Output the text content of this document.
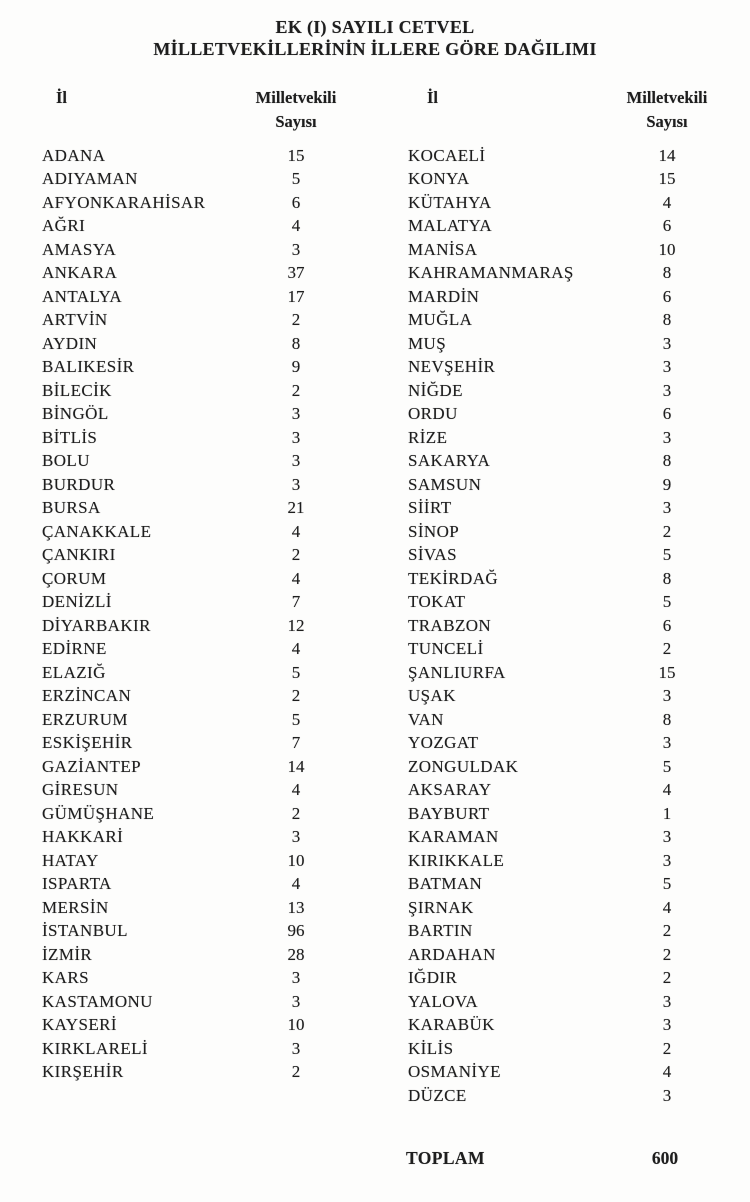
EK (I) SAYILI CETVEL
MİLLETVEKİLLERİNİN İLLERE GÖRE DAĞILIMI
İl	Milletvekili
Sayısı
İl	Milletvekili
Sayısı
ADANA	15
ADIYAMAN	5
AFYONKARAHİSAR	6
AĞRI	4
AMASYA	3
ANKARA	37
ANTALYA	17
ARTVİN	2
AYDIN	8
BALIKESİR	9
BİLECİK	2
BİNGÖL	3
BİTLİS	3
BOLU	3
BURDUR	3
BURSA	21
ÇANAKKALE	4
ÇANKIRI	2
ÇORUM	4
DENİZLİ	7
DİYARBAKIR	12
EDİRNE	4
ELAZIĞ	5
ERZİNCAN	2
ERZURUM	5
ESKİŞEHİR	7
GAZİANTEP	14
GİRESUN	4
GÜMÜŞHANE	2
HAKKARİ	3
HATAY	10
ISPARTA	4
MERSİN	13
İSTANBUL	96
İZMİR	28
KARS	3
KASTAMONU	3
KAYSERİ	10
KIRKLARELİ	3
KIRŞEHİR	2
KOCAELİ	14
KONYA	15
KÜTAHYA	4
MALATYA	6
MANİSA	10
KAHRAMANMARAŞ	8
MARDİN	6
MUĞLA	8
MUŞ	3
NEVŞEHİR	3
NİĞDE	3
ORDU	6
RİZE	3
SAKARYA	8
SAMSUN	9
SİİRT	3
SİNOP	2
SİVAS	5
TEKİRDAĞ	8
TOKAT	5
TRABZON	6
TUNCELİ	2
ŞANLIURFA	15
UŞAK	3
VAN	8
YOZGAT	3
ZONGULDAK	5
AKSARAY	4
BAYBURT	1
KARAMAN	3
KIRIKKALE	3
BATMAN	5
ŞIRNAK	4
BARTIN	2
ARDAHAN	2
IĞDIR	2
YALOVA	3
KARABÜK	3
KİLİS	2
OSMANİYE	4
DÜZCE	3
TOPLAM	600
